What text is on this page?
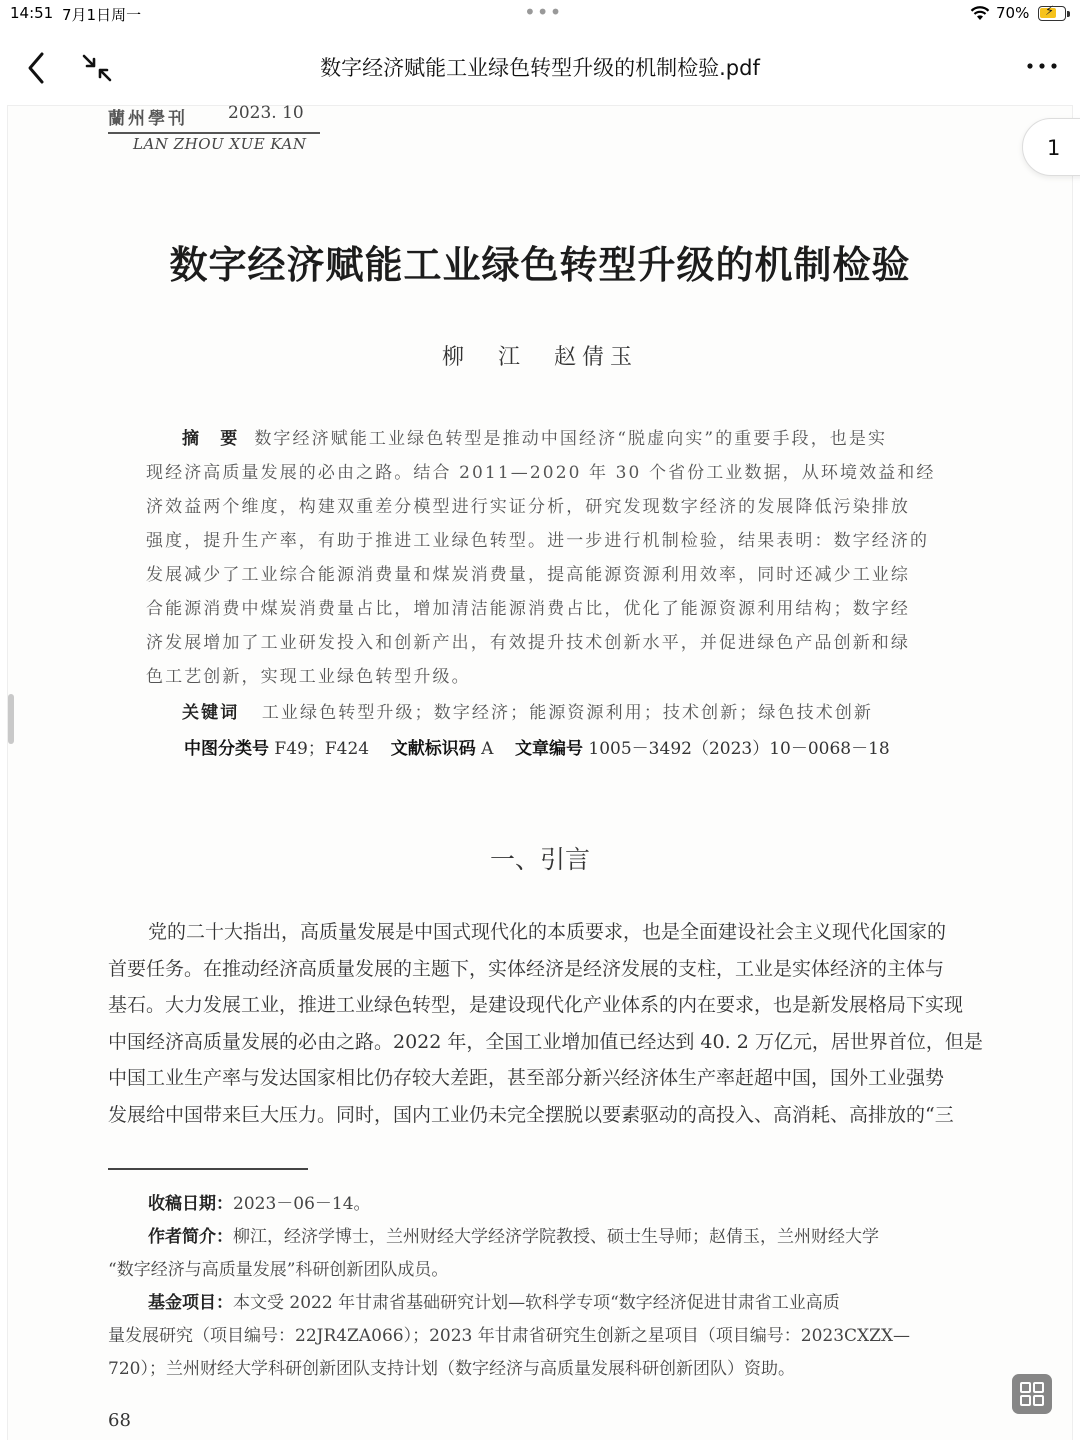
14:51 7月1日周一	•••	70% ⚡
数字经济赋能工业绿色转型升级的机制检验.pdf
蘭州學刊	2023. 10
LAN ZHOU XUE KAN
数字经济赋能工业绿色转型升级的机制检验
柳　江　赵倩玉
摘　要 数字经济赋能工业绿色转型是推动中国经济“脱虚向实”的重要手段，也是实
现经济高质量发展的必由之路。结合 2011—2020 年 30 个省份工业数据，从环境效益和经
济效益两个维度，构建双重差分模型进行实证分析，研究发现数字经济的发展降低污染排放
强度，提升生产率，有助于推进工业绿色转型。进一步进行机制检验，结果表明：数字经济的
发展减少了工业综合能源消费量和煤炭消费量，提高能源资源利用效率，同时还减少工业综
合能源消费中煤炭消费量占比，增加清洁能源消费占比，优化了能源资源利用结构；数字经
济发展增加了工业研发投入和创新产出，有效提升技术创新水平，并促进绿色产品创新和绿
色工艺创新，实现工业绿色转型升级。
关键词 工业绿色转型升级；数字经济；能源资源利用；技术创新；绿色技术创新
中图分类号 F49；F424 文献标识码 A 文章编号 1005－3492（2023）10－0068－18
一、引言
党的二十大指出，高质量发展是中国式现代化的本质要求，也是全面建设社会主义现代化国家的
首要任务。在推动经济高质量发展的主题下，实体经济是经济发展的支柱，工业是实体经济的主体与
基石。大力发展工业，推进工业绿色转型，是建设现代化产业体系的内在要求，也是新发展格局下实现
中国经济高质量发展的必由之路。2022 年，全国工业增加值已经达到 40. 2 万亿元，居世界首位，但是
中国工业生产率与发达国家相比仍存较大差距，甚至部分新兴经济体生产率赶超中国，国外工业强势
发展给中国带来巨大压力。同时，国内工业仍未完全摆脱以要素驱动的高投入、高消耗、高排放的“三
收稿日期：2023－06－14。
作者简介：柳江，经济学博士，兰州财经大学经济学院教授、硕士生导师；赵倩玉，兰州财经大学
“数字经济与高质量发展”科研创新团队成员。
基金项目：本文受 2022 年甘肃省基础研究计划—软科学专项“数字经济促进甘肃省工业高质
量发展研究（项目编号：22JR4ZA066）；2023 年甘肃省研究生创新之星项目（项目编号：2023CXZX—
720）；兰州财经大学科研创新团队支持计划（数字经济与高质量发展科研创新团队）资助。
68
1
